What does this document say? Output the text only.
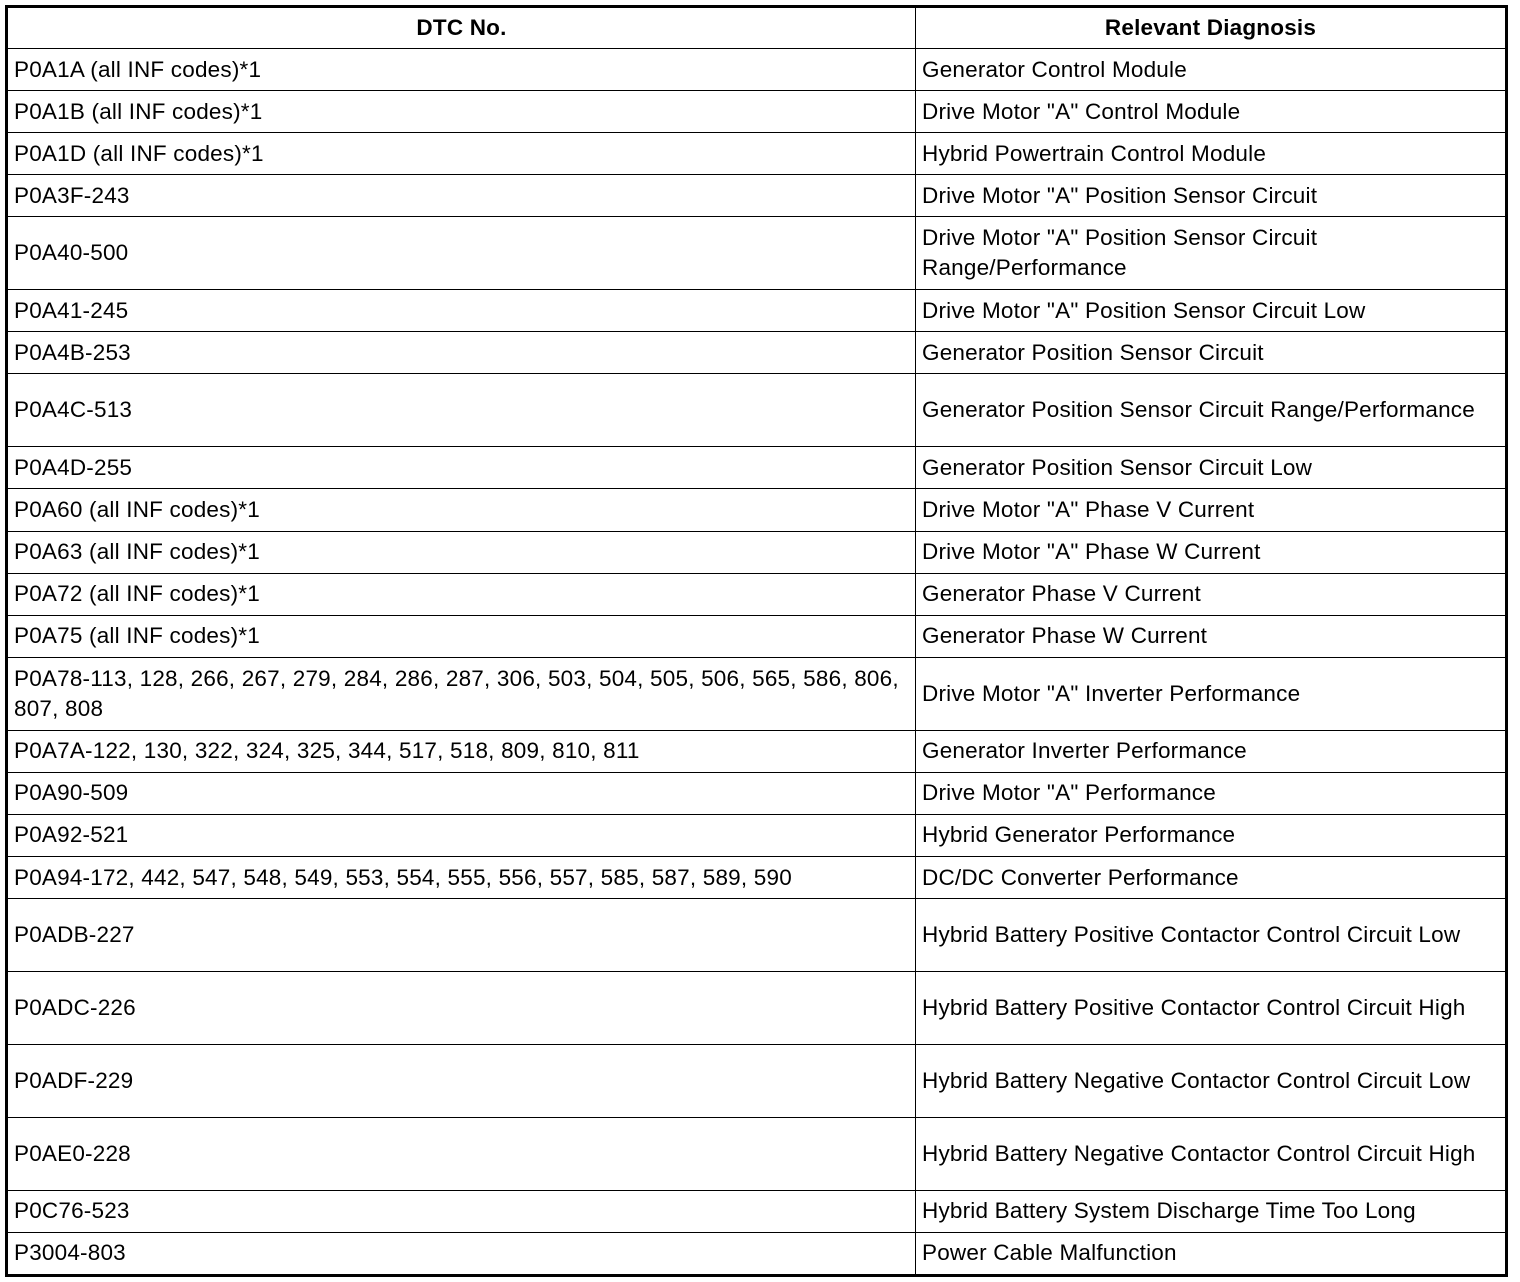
DTC No.	Relevant Diagnosis
P0A1A (all INF codes)*1	Generator Control Module
P0A1B (all INF codes)*1	Drive Motor "A" Control Module
P0A1D (all INF codes)*1	Hybrid Powertrain Control Module
P0A3F-243	Drive Motor "A" Position Sensor Circuit
P0A40-500	Drive Motor "A" Position Sensor Circuit Range/Performance
P0A41-245	Drive Motor "A" Position Sensor Circuit Low
P0A4B-253	Generator Position Sensor Circuit
P0A4C-513	Generator Position Sensor Circuit Range/Performance
P0A4D-255	Generator Position Sensor Circuit Low
P0A60 (all INF codes)*1	Drive Motor "A" Phase V Current
P0A63 (all INF codes)*1	Drive Motor "A" Phase W Current
P0A72 (all INF codes)*1	Generator Phase V Current
P0A75 (all INF codes)*1	Generator Phase W Current
P0A78-113, 128, 266, 267, 279, 284, 286, 287, 306, 503, 504, 505, 506, 565, 586, 806, 807, 808	Drive Motor "A" Inverter Performance
P0A7A-122, 130, 322, 324, 325, 344, 517, 518, 809, 810, 811	Generator Inverter Performance
P0A90-509	Drive Motor "A" Performance
P0A92-521	Hybrid Generator Performance
P0A94-172, 442, 547, 548, 549, 553, 554, 555, 556, 557, 585, 587, 589, 590	DC/DC Converter Performance
P0ADB-227	Hybrid Battery Positive Contactor Control Circuit Low
P0ADC-226	Hybrid Battery Positive Contactor Control Circuit High
P0ADF-229	Hybrid Battery Negative Contactor Control Circuit Low
P0AE0-228	Hybrid Battery Negative Contactor Control Circuit High
P0C76-523	Hybrid Battery System Discharge Time Too Long
P3004-803	Power Cable Malfunction
